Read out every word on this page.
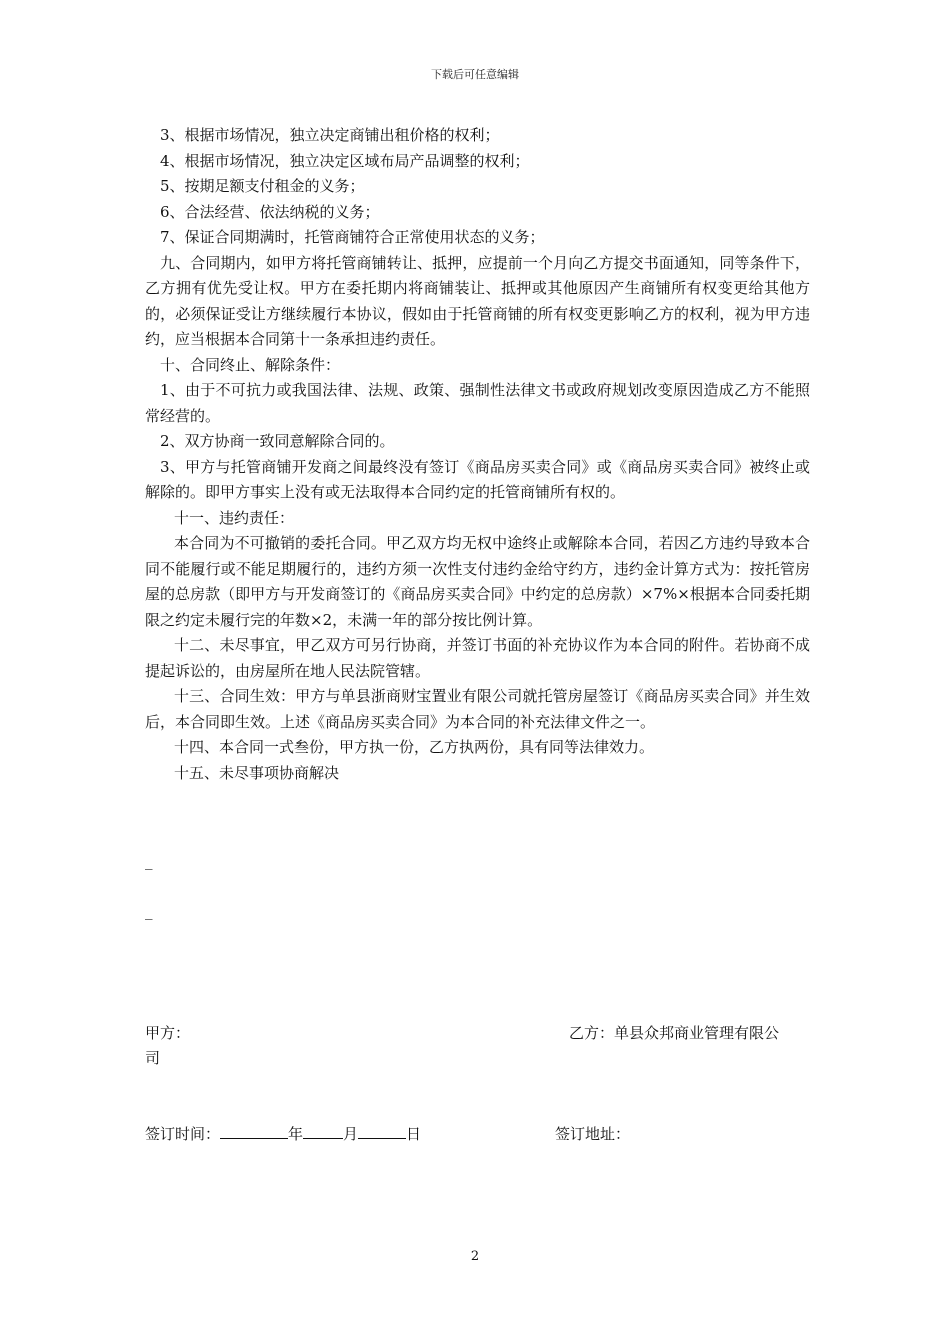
下载后可任意编辑

3、根据市场情况，独立决定商铺出租价格的权利；

4、根据市场情况，独立决定区域布局产品调整的权利；

5、按期足额支付租金的义务；

6、合法经营、依法纳税的义务；

7、保证合同期满时，托管商铺符合正常使用状态的义务；

九、合同期内，如甲方将托管商铺转让、抵押，应提前一个月向乙方提交书面通知，同等条件下，乙方拥有优先受让权。甲方在委托期内将商铺装让、抵押或其他原因产生商铺所有权变更给其他方的，必须保证受让方继续履行本协议，假如由于托管商铺的所有权变更影响乙方的权利，视为甲方违约，应当根据本合同第十一条承担违约责任。

十、合同终止、解除条件：

1、由于不可抗力或我国法律、法规、政策、强制性法律文书或政府规划改变原因造成乙方不能照常经营的。

2、双方协商一致同意解除合同的。

3、甲方与托管商铺开发商之间最终没有签订《商品房买卖合同》或《商品房买卖合同》被终止或解除的。即甲方事实上没有或无法取得本合同约定的托管商铺所有权的。

十一、违约责任：

本合同为不可撤销的委托合同。甲乙双方均无权中途终止或解除本合同，若因乙方违约导致本合同不能履行或不能足期履行的，违约方须一次性支付违约金给守约方，违约金计算方式为：按托管房屋的总房款（即甲方与开发商签订的《商品房买卖合同》中约定的总房款）×7%×根据本合同委托期限之约定未履行完的年数×2，未满一年的部分按比例计算。

十二、未尽事宜，甲乙双方可另行协商，并签订书面的补充协议作为本合同的附件。若协商不成提起诉讼的，由房屋所在地人民法院管辖。

十三、合同生效：甲方与单县浙商财宝置业有限公司就托管房屋签订《商品房买卖合同》并生效后，本合同即生效。上述《商品房买卖合同》为本合同的补充法律文件之一。

十四、本合同一式叁份，甲方执一份，乙方执两份，具有同等法律效力。

十五、未尽事项协商解决

_
_
甲方：	乙方：单县众邦商业管理有限公
司
签订时间：	年	月	日	签订地址：
2
